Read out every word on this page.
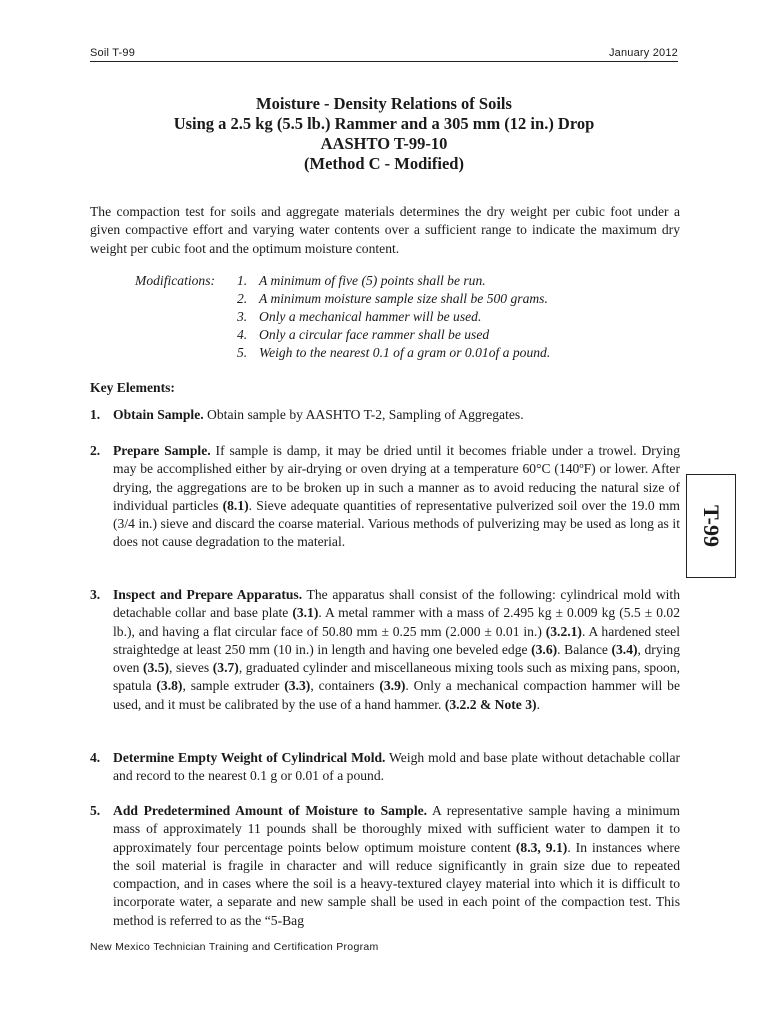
Soil T-99	January 2012
Moisture - Density Relations of Soils
Using a 2.5 kg (5.5 lb.) Rammer and a 305 mm (12 in.) Drop
AASHTO T-99-10
(Method C - Modified)
The compaction test for soils and aggregate materials determines the dry weight per cubic foot under a given compactive effort and varying water contents over a sufficient range to indicate the maximum dry weight per cubic foot and the optimum moisture content.
Modifications:	1. A minimum of five (5) points shall be run.
2. A minimum moisture sample size shall be 500 grams.
3. Only a mechanical hammer will be used.
4. Only a circular face rammer shall be used
5. Weigh to the nearest 0.1 of a gram or 0.01of a pound.
Key Elements:
1. Obtain Sample. Obtain sample by AASHTO T-2, Sampling of Aggregates.
2. Prepare Sample. If sample is damp, it may be dried until it becomes friable under a trowel. Drying may be accomplished either by air-drying or oven drying at a temperature 60°C (140ºF) or lower. After drying, the aggregations are to be broken up in such a manner as to avoid reducing the natural size of individual particles (8.1). Sieve adequate quantities of representative pulverized soil over the 19.0 mm (3/4 in.) sieve and discard the coarse material. Various methods of pulverizing may be used as long as it does not cause degradation to the material.
3. Inspect and Prepare Apparatus. The apparatus shall consist of the following: cylindrical mold with detachable collar and base plate (3.1). A metal rammer with a mass of 2.495 kg ± 0.009 kg (5.5 ± 0.02 lb.), and having a flat circular face of 50.80 mm ± 0.25 mm (2.000 ± 0.01 in.) (3.2.1). A hardened steel straightedge at least 250 mm (10 in.) in length and having one beveled edge (3.6). Balance (3.4), drying oven (3.5), sieves (3.7), graduated cylinder and miscellaneous mixing tools such as mixing pans, spoon, spatula (3.8), sample extruder (3.3), containers (3.9). Only a mechanical compaction hammer will be used, and it must be calibrated by the use of a hand hammer. (3.2.2 & Note 3).
4. Determine Empty Weight of Cylindrical Mold. Weigh mold and base plate without detachable collar and record to the nearest 0.1 g or 0.01 of a pound.
5. Add Predetermined Amount of Moisture to Sample. A representative sample having a minimum mass of approximately 11 pounds shall be thoroughly mixed with sufficient water to dampen it to approximately four percentage points below optimum moisture content (8.3, 9.1). In instances where the soil material is fragile in character and will reduce significantly in grain size due to repeated compaction, and in cases where the soil is a heavy-textured clayey material into which it is difficult to incorporate water, a separate and new sample shall be used in each point of the compaction test. This method is referred to as the “5-Bag
T-99
New Mexico Technician Training and Certification Program
